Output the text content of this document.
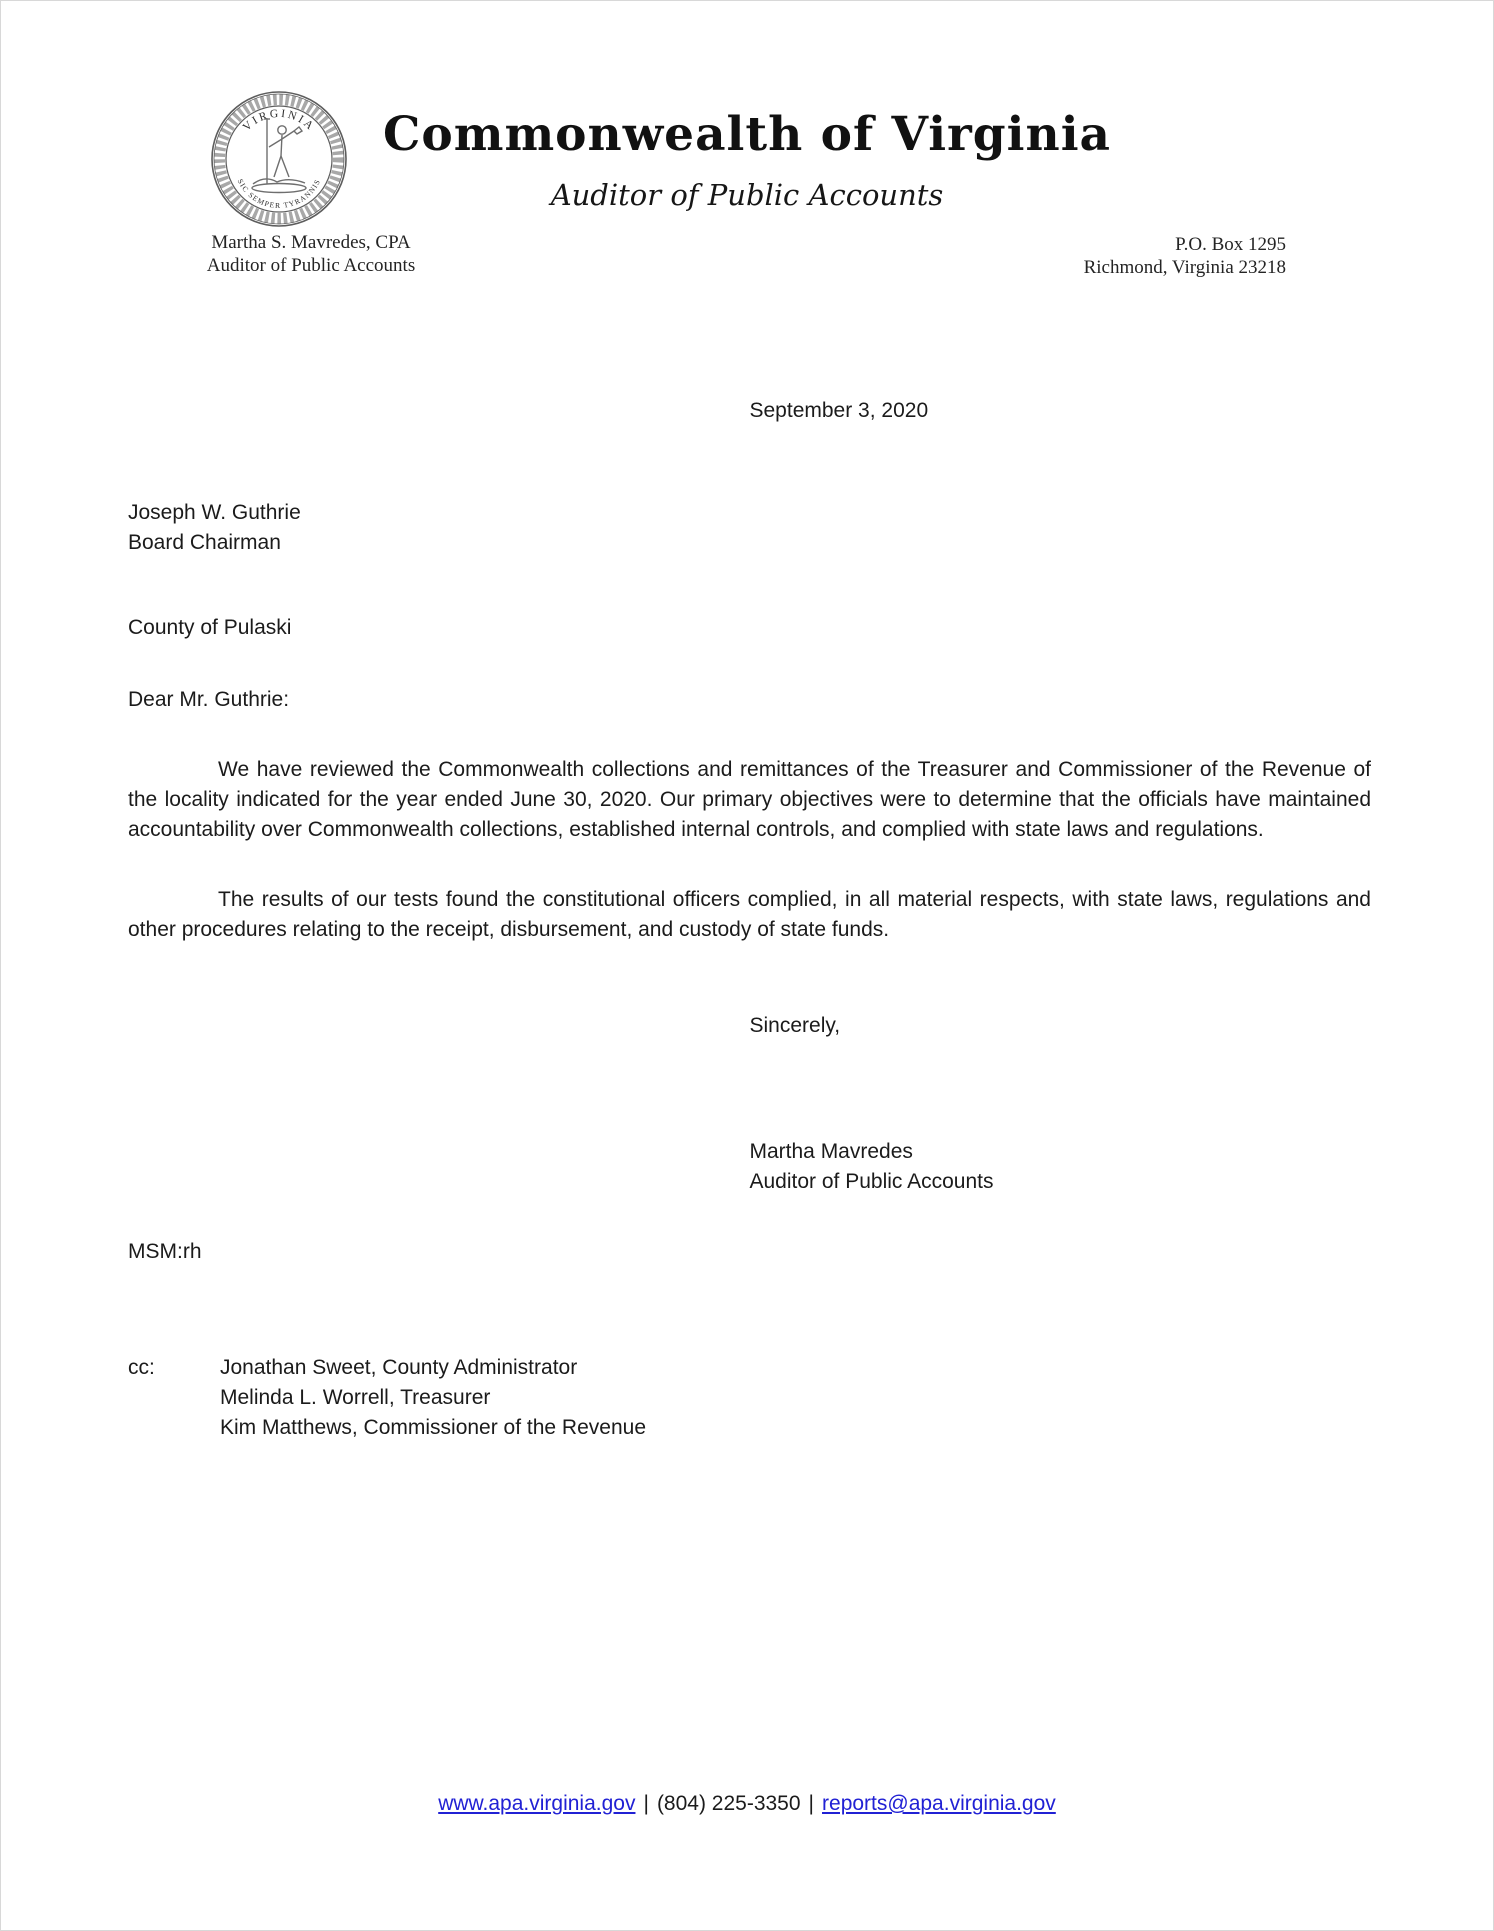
VIRGINIA
SIC SEMPER TYRANNIS
Commonwealth of Virginia
Auditor of Public Accounts
Martha S. Mavredes, CPA
Auditor of Public Accounts
P.O. Box 1295
Richmond, Virginia 23218
September 3, 2020
Joseph W. Guthrie
Board Chairman
County of Pulaski
Dear Mr. Guthrie:

We have reviewed the Commonwealth collections and remittances of the Treasurer and Commissioner of the Revenue of the locality indicated for the year ended June 30, 2020. Our primary objectives were to determine that the officials have maintained accountability over Commonwealth collections, established internal controls, and complied with state laws and regulations.

The results of our tests found the constitutional officers complied, in all material respects, with state laws, regulations and other procedures relating to the receipt, disbursement, and custody of state funds.

Sincerely,
Martha Mavredes
Auditor of Public Accounts
MSM:rh
cc:	Jonathan Sweet, County Administrator
Melinda L. Worrell, Treasurer
Kim Matthews, Commissioner of the Revenue
www.apa.virginia.gov | (804) 225-3350 | reports@apa.virginia.gov
